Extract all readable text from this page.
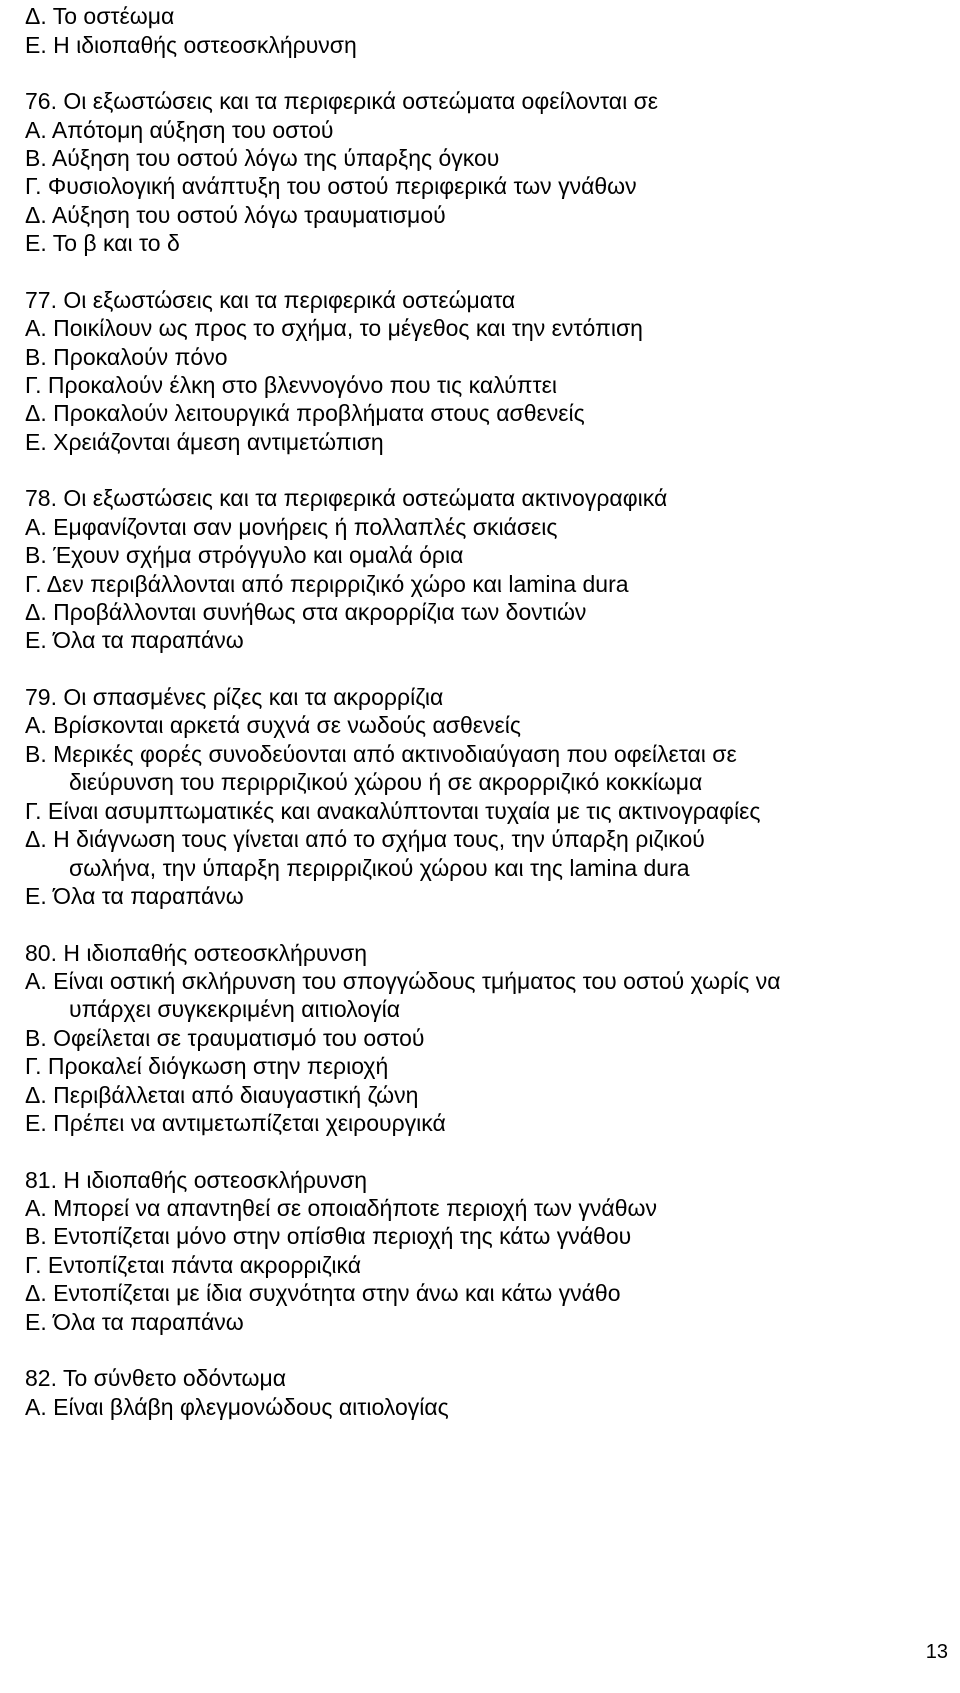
Δ. Το οστέωμα
Ε. Η ιδιοπαθής οστεοσκλήρυνση
76. Οι εξωστώσεις και τα περιφερικά οστεώματα οφείλονται σε
Α. Απότομη αύξηση του οστού
Β. Αύξηση του οστού λόγω της ύπαρξης όγκου
Γ. Φυσιολογική ανάπτυξη του οστού περιφερικά των γνάθων
Δ. Αύξηση του οστού λόγω τραυματισμού
Ε. Το β και το δ
77. Οι εξωστώσεις και τα περιφερικά οστεώματα
Α. Ποικίλουν ως προς το σχήμα, το μέγεθος και την εντόπιση
Β. Προκαλούν πόνο
Γ. Προκαλούν έλκη στο βλεννογόνο που τις καλύπτει
Δ. Προκαλούν λειτουργικά προβλήματα στους ασθενείς
Ε. Χρειάζονται άμεση αντιμετώπιση
78. Οι εξωστώσεις και τα περιφερικά οστεώματα ακτινογραφικά
Α. Εμφανίζονται σαν μονήρεις ή πολλαπλές σκιάσεις
Β. Έχουν σχήμα στρόγγυλο και ομαλά όρια
Γ. Δεν περιβάλλονται από περιρριζικό χώρο και lamina dura
Δ. Προβάλλονται συνήθως στα ακρορρίζια των δοντιών
Ε. Όλα τα παραπάνω
79. Οι σπασμένες ρίζες και τα ακρορρίζια
Α. Βρίσκονται αρκετά συχνά σε νωδούς ασθενείς
Β. Μερικές φορές συνοδεύονται από ακτινοδιαύγαση που οφείλεται σε
διεύρυνση του περιρριζικού χώρου ή σε ακρορριζικό κοκκίωμα
Γ. Είναι ασυμπτωματικές και ανακαλύπτονται τυχαία με τις ακτινογραφίες
Δ. Η διάγνωση τους γίνεται από το σχήμα τους, την ύπαρξη ριζικού
σωλήνα, την ύπαρξη περιρριζικού χώρου και της lamina dura
Ε. Όλα τα παραπάνω
80. Η ιδιοπαθής οστεοσκλήρυνση
Α. Είναι οστική σκλήρυνση του σπογγώδους τμήματος του οστού χωρίς να
υπάρχει συγκεκριμένη αιτιολογία
Β. Οφείλεται σε τραυματισμό του οστού
Γ. Προκαλεί διόγκωση στην περιοχή
Δ. Περιβάλλεται από διαυγαστική ζώνη
Ε. Πρέπει να αντιμετωπίζεται χειρουργικά
81. Η ιδιοπαθής οστεοσκλήρυνση
Α. Μπορεί να απαντηθεί σε οποιαδήποτε περιοχή των γνάθων
Β. Εντοπίζεται μόνο στην οπίσθια περιοχή της κάτω γνάθου
Γ. Εντοπίζεται πάντα ακρορριζικά
Δ. Εντοπίζεται με ίδια συχνότητα στην άνω και κάτω γνάθο
Ε. Όλα τα παραπάνω
82. Το σύνθετο οδόντωμα
Α. Είναι βλάβη φλεγμονώδους αιτιολογίας
13
